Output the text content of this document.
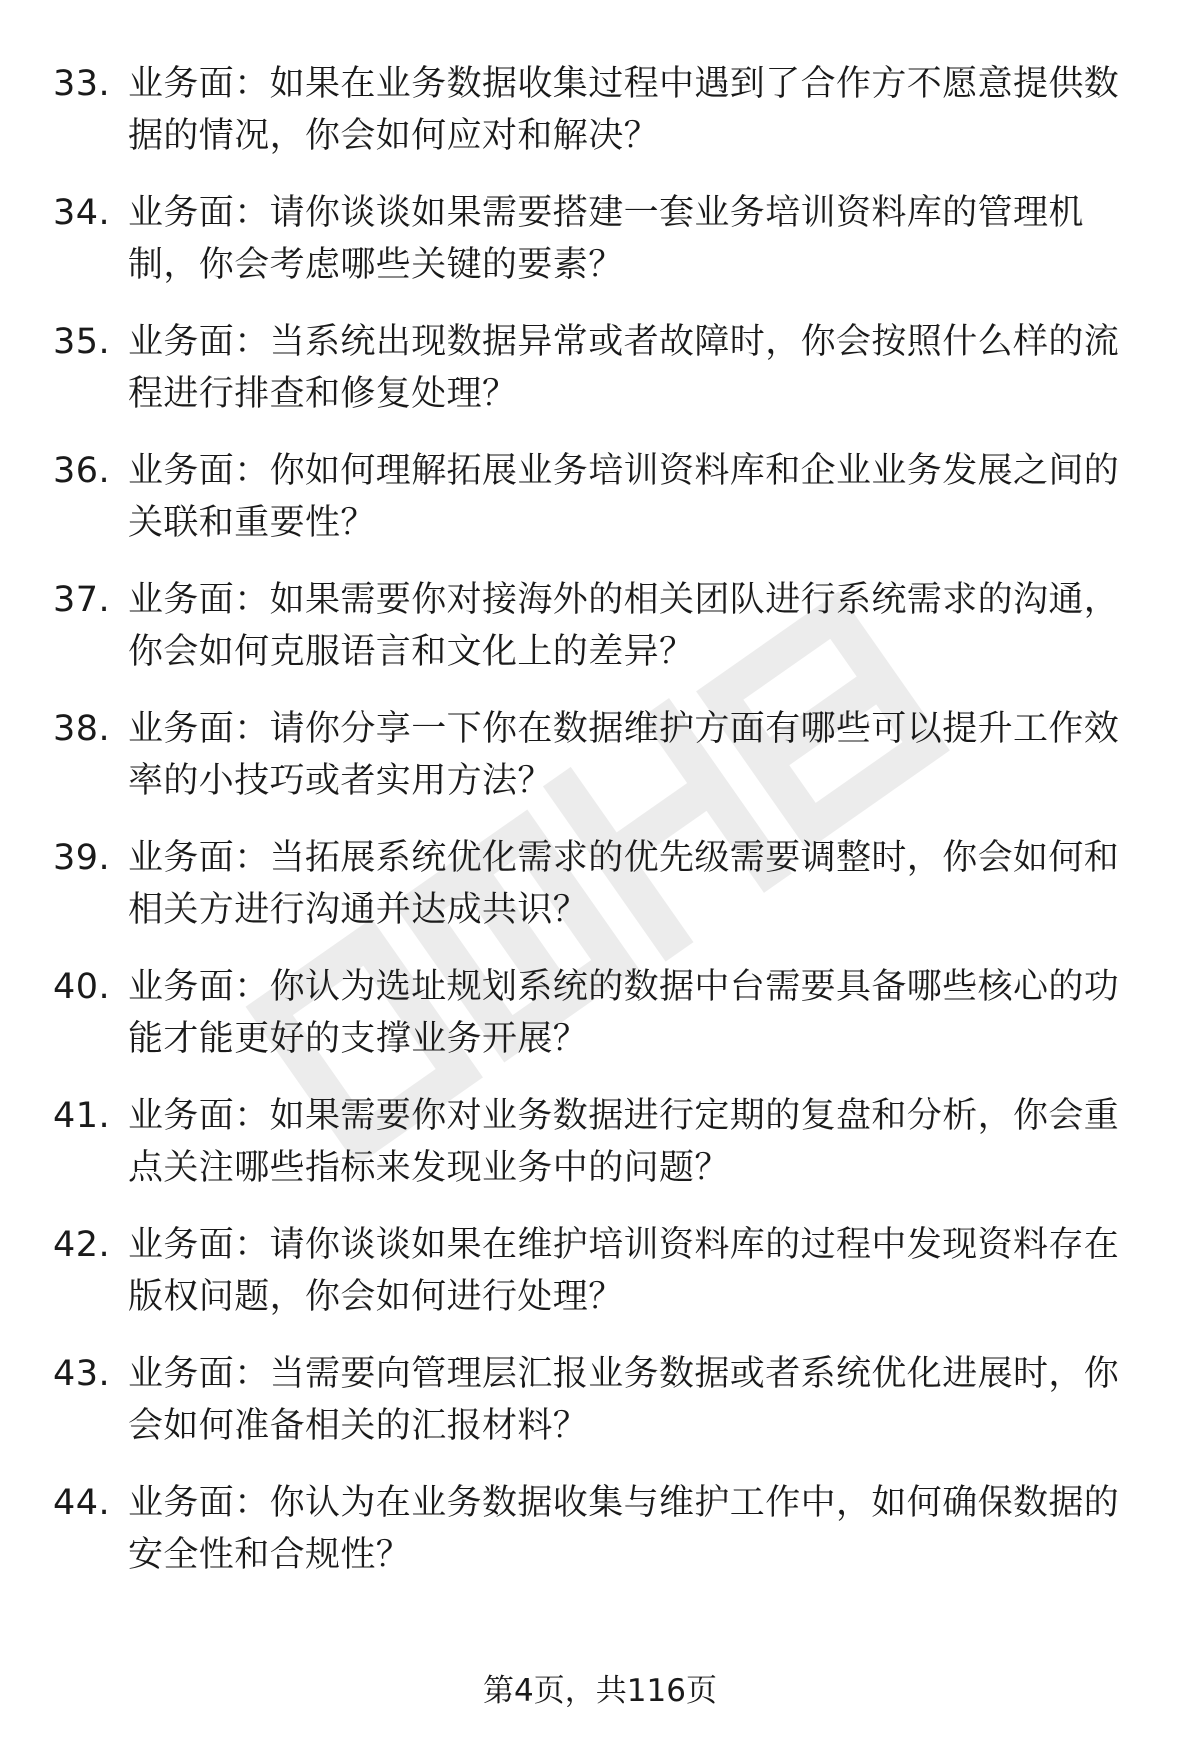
33. 业务面：如果在业务数据收集过程中遇到了合作方不愿意提供数据的情况，你会如何应对和解决？
34. 业务面：请你谈谈如果需要搭建一套业务培训资料库的管理机制，你会考虑哪些关键的要素？
35. 业务面：当系统出现数据异常或者故障时，你会按照什么样的流程进行排查和修复处理？
36. 业务面：你如何理解拓展业务培训资料库和企业业务发展之间的关联和重要性？
37. 业务面：如果需要你对接海外的相关团队进行系统需求的沟通，你会如何克服语言和文化上的差异？
38. 业务面：请你分享一下你在数据维护方面有哪些可以提升工作效率的小技巧或者实用方法？
39. 业务面：当拓展系统优化需求的优先级需要调整时，你会如何和相关方进行沟通并达成共识？
40. 业务面：你认为选址规划系统的数据中台需要具备哪些核心的功能才能更好的支撑业务开展？
41. 业务面：如果需要你对业务数据进行定期的复盘和分析，你会重点关注哪些指标来发现业务中的问题？
42. 业务面：请你谈谈如果在维护培训资料库的过程中发现资料存在版权问题，你会如何进行处理？
43. 业务面：当需要向管理层汇报业务数据或者系统优化进展时，你会如何准备相关的汇报材料？
44. 业务面：你认为在业务数据收集与维护工作中，如何确保数据的安全性和合规性？
第4页，共116页
